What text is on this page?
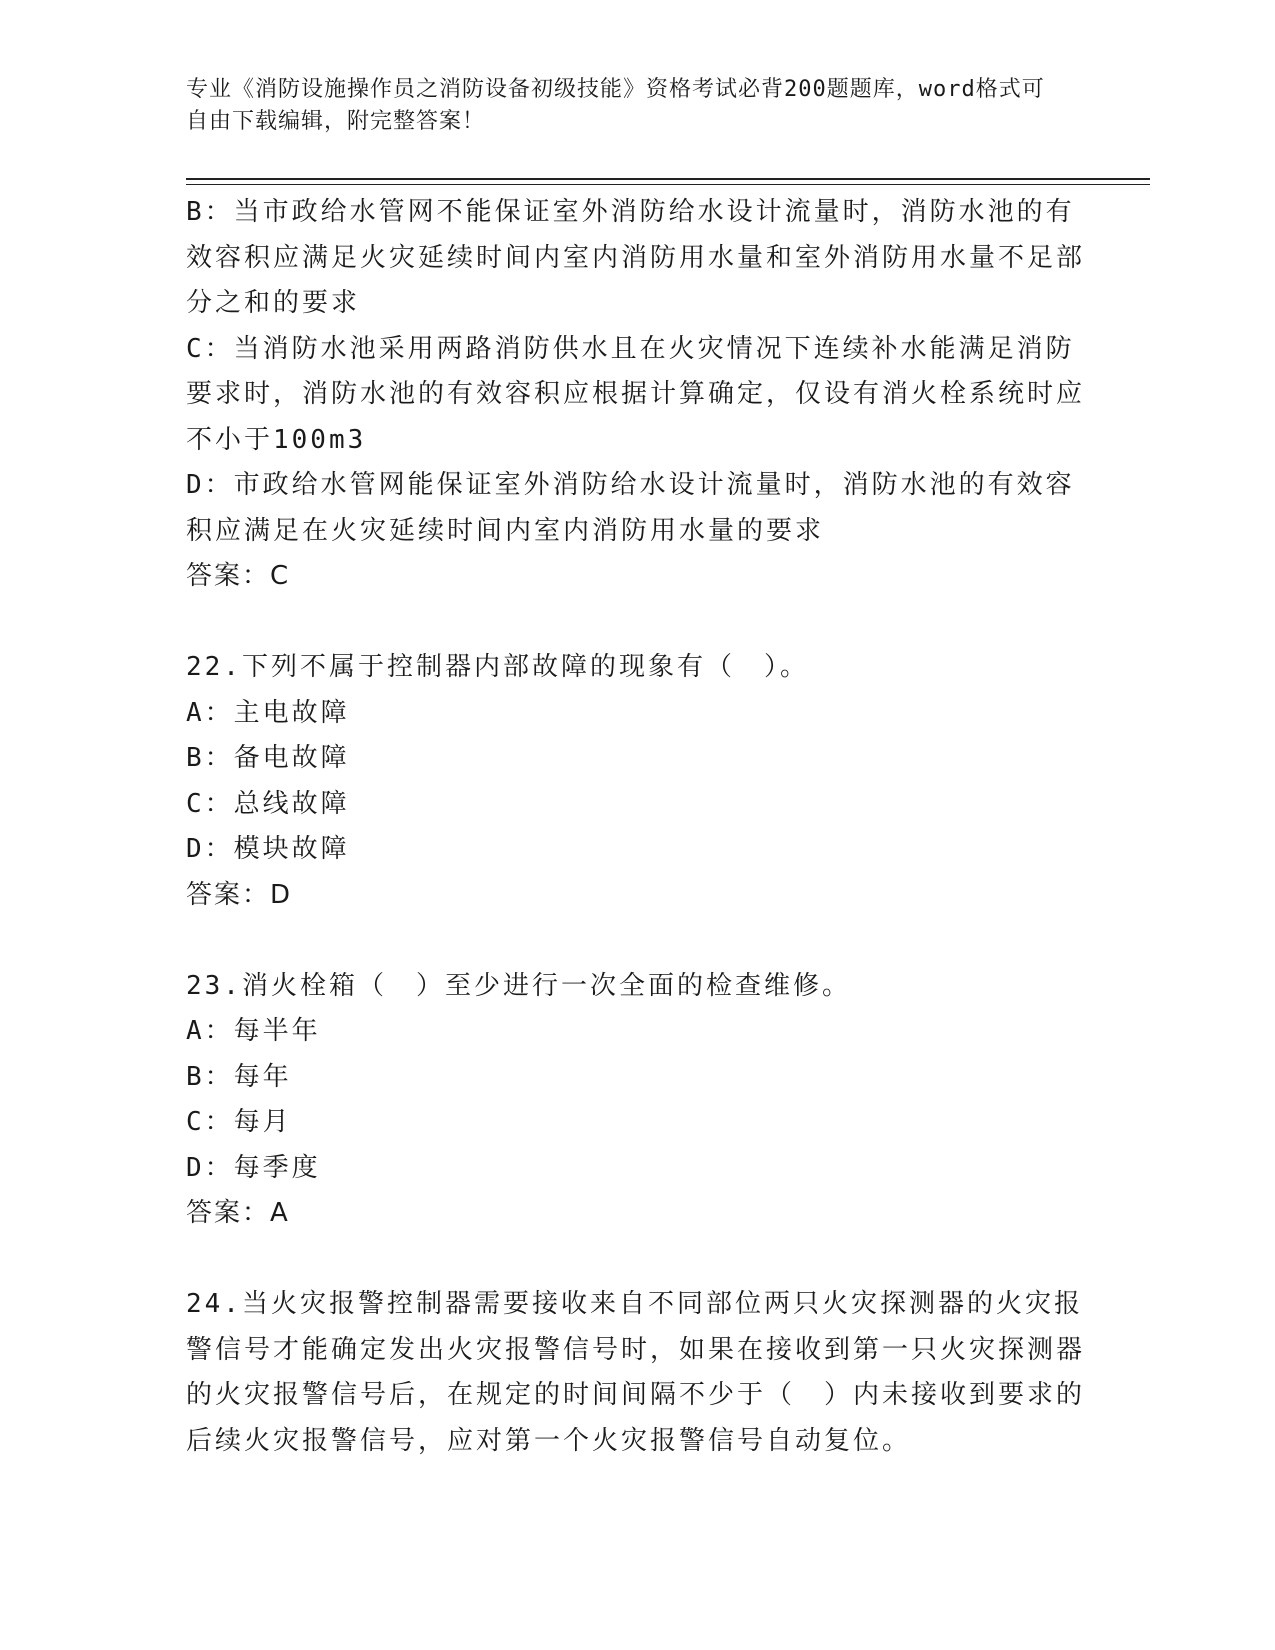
专业《消防设施操作员之消防设备初级技能》资格考试必背200题题库，word格式可自由下载编辑，附完整答案！

B：当市政给水管网不能保证室外消防给水设计流量时，消防水池的有效容积应满足火灾延续时间内室内消防用水量和室外消防用水量不足部分之和的要求

C：当消防水池采用两路消防供水且在火灾情况下连续补水能满足消防要求时，消防水池的有效容积应根据计算确定，仅设有消火栓系统时应不小于100m3

D：市政给水管网能保证室外消防给水设计流量时，消防水池的有效容积应满足在火灾延续时间内室内消防用水量的要求

答案：C

22.下列不属于控制器内部故障的现象有（　）。

A：主电故障

B：备电故障

C：总线故障

D：模块故障

答案：D

23.消火栓箱（　）至少进行一次全面的检查维修。

A：每半年

B：每年

C：每月

D：每季度

答案：A

24.当火灾报警控制器需要接收来自不同部位两只火灾探测器的火灾报警信号才能确定发出火灾报警信号时，如果在接收到第一只火灾探测器的火灾报警信号后，在规定的时间间隔不少于（　）内未接收到要求的后续火灾报警信号，应对第一个火灾报警信号自动复位。
